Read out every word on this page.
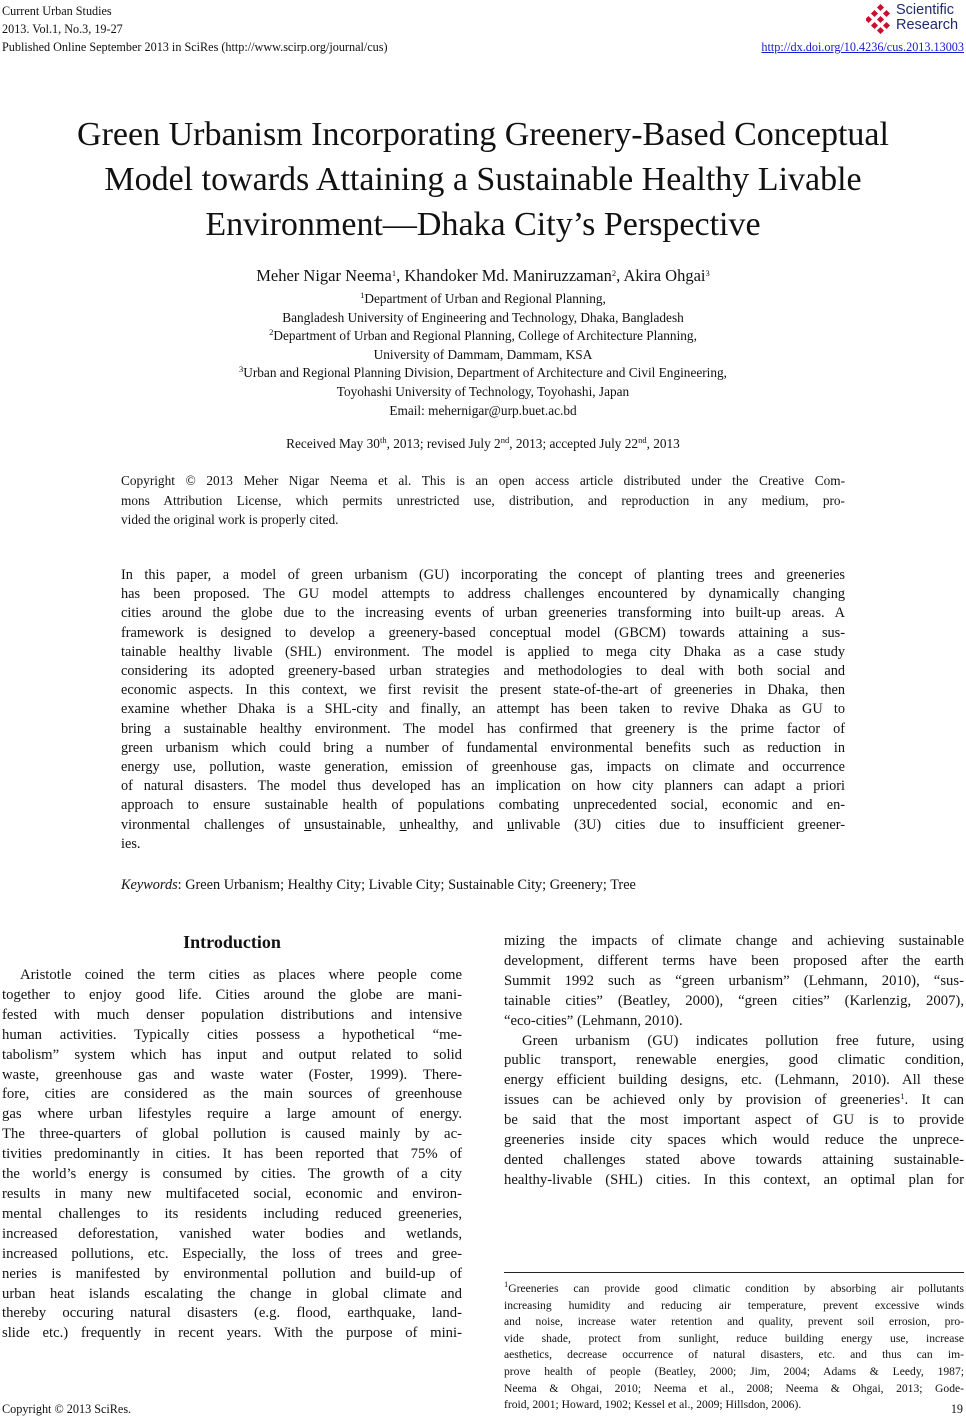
Current Urban Studies
2013. Vol.1, No.3, 19-27
Published Online September 2013 in SciRes (http://www.scirp.org/journal/cus)
Scientific
Research
http://dx.doi.org/10.4236/cus.2013.13003
Green Urbanism Incorporating Greenery-Based Conceptual
Model towards Attaining a Sustainable Healthy Livable
Environment—Dhaka City’s Perspective
Meher Nigar Neema$^1$, Khandoker Md. Maniruzzaman$^2$, Akira Ohgai$^3$
$^1$Department of Urban and Regional Planning,
Bangladesh University of Engineering and Technology, Dhaka, Bangladesh
$^2$Department of Urban and Regional Planning, College of Architecture Planning,
University of Dammam, Dammam, KSA
$^3$Urban and Regional Planning Division, Department of Architecture and Civil Engineering,
Toyohashi University of Technology, Toyohashi, Japan
Email: mehernigar@urp.buet.ac.bd
Received May 30th, 2013; revised July 2nd, 2013; accepted July 22nd, 2013
Copyright © 2013 Meher Nigar Neema et al. This is an open access article distributed under the Creative Com-
mons Attribution License, which permits unrestricted use, distribution, and reproduction in any medium, pro-
vided the original work is properly cited.
In this paper, a model of green urbanism (GU) incorporating the concept of planting trees and greeneries
has been proposed. The GU model attempts to address challenges encountered by dynamically changing
cities around the globe due to the increasing events of urban greeneries transforming into built-up areas. A
framework is designed to develop a greenery-based conceptual model (GBCM) towards attaining a sus-
tainable healthy livable (SHL) environment. The model is applied to mega city Dhaka as a case study
considering its adopted greenery-based urban strategies and methodologies to deal with both social and
economic aspects. In this context, we first revisit the present state-of-the-art of greeneries in Dhaka, then
examine whether Dhaka is a SHL-city and finally, an attempt has been taken to revive Dhaka as GU to
bring a sustainable healthy environment. The model has confirmed that greenery is the prime factor of
green urbanism which could bring a number of fundamental environmental benefits such as reduction in
energy use, pollution, waste generation, emission of greenhouse gas, impacts on climate and occurrence
of natural disasters. The model thus developed has an implication on how city planners can adapt a priori
approach to ensure sustainable health of populations combating unprecedented social, economic and en-
vironmental challenges of unsustainable, unhealthy, and unlivable (3U) cities due to insufficient greener-
ies.
Keywords: Green Urbanism; Healthy City; Livable City; Sustainable City; Greenery; Tree
Introduction
Aristotle coined the term cities as places where people come
together to enjoy good life. Cities around the globe are mani-
fested with much denser population distributions and intensive
human activities. Typically cities possess a hypothetical “me-
tabolism” system which has input and output related to solid
waste, greenhouse gas and waste water (Foster, 1999). There-
fore, cities are considered as the main sources of greenhouse
gas where urban lifestyles require a large amount of energy.
The three-quarters of global pollution is caused mainly by ac-
tivities predominantly in cities. It has been reported that 75% of
the world’s energy is consumed by cities. The growth of a city
results in many new multifaceted social, economic and environ-
mental challenges to its residents including reduced greeneries,
increased deforestation, vanished water bodies and wetlands,
increased pollutions, etc. Especially, the loss of trees and gree-
neries is manifested by environmental pollution and build-up of
urban heat islands escalating the change in global climate and
thereby occuring natural disasters (e.g. flood, earthquake, land-
slide etc.) frequently in recent years. With the purpose of mini-
mizing the impacts of climate change and achieving sustainable
development, different terms have been proposed after the earth
Summit 1992 such as “green urbanism” (Lehmann, 2010), “sus-
tainable cities” (Beatley, 2000), “green cities” (Karlenzig, 2007),
“eco-cities” (Lehmann, 2010).
Green urbanism (GU) indicates pollution free future, using
public transport, renewable energies, good climatic condition,
energy efficient building designs, etc. (Lehmann, 2010). All these
issues can be achieved only by provision of greeneries$^1$. It can
be said that the most important aspect of GU is to provide
greeneries inside city spaces which would reduce the unprece-
dented challenges stated above towards attaining sustainable-
healthy-livable (SHL) cities. In this context, an optimal plan for
$^1$Greeneries can provide good climatic condition by absorbing air pollutants
increasing humidity and reducing air temperature, prevent excessive winds
and noise, increase water retention and quality, prevent soil errosion, pro-
vide shade, protect from sunlight, reduce building energy use, increase
aesthetics, decrease occurrence of natural disasters, etc. and thus can im-
prove health of people (Beatley, 2000; Jim, 2004; Adams & Leedy, 1987;
Neema & Ohgai, 2010; Neema et al., 2008; Neema & Ohgai, 2013; Gode-
froid, 2001; Howard, 1902; Kessel et al., 2009; Hillsdon, 2006).
Copyright © 2013 SciRes.	19
